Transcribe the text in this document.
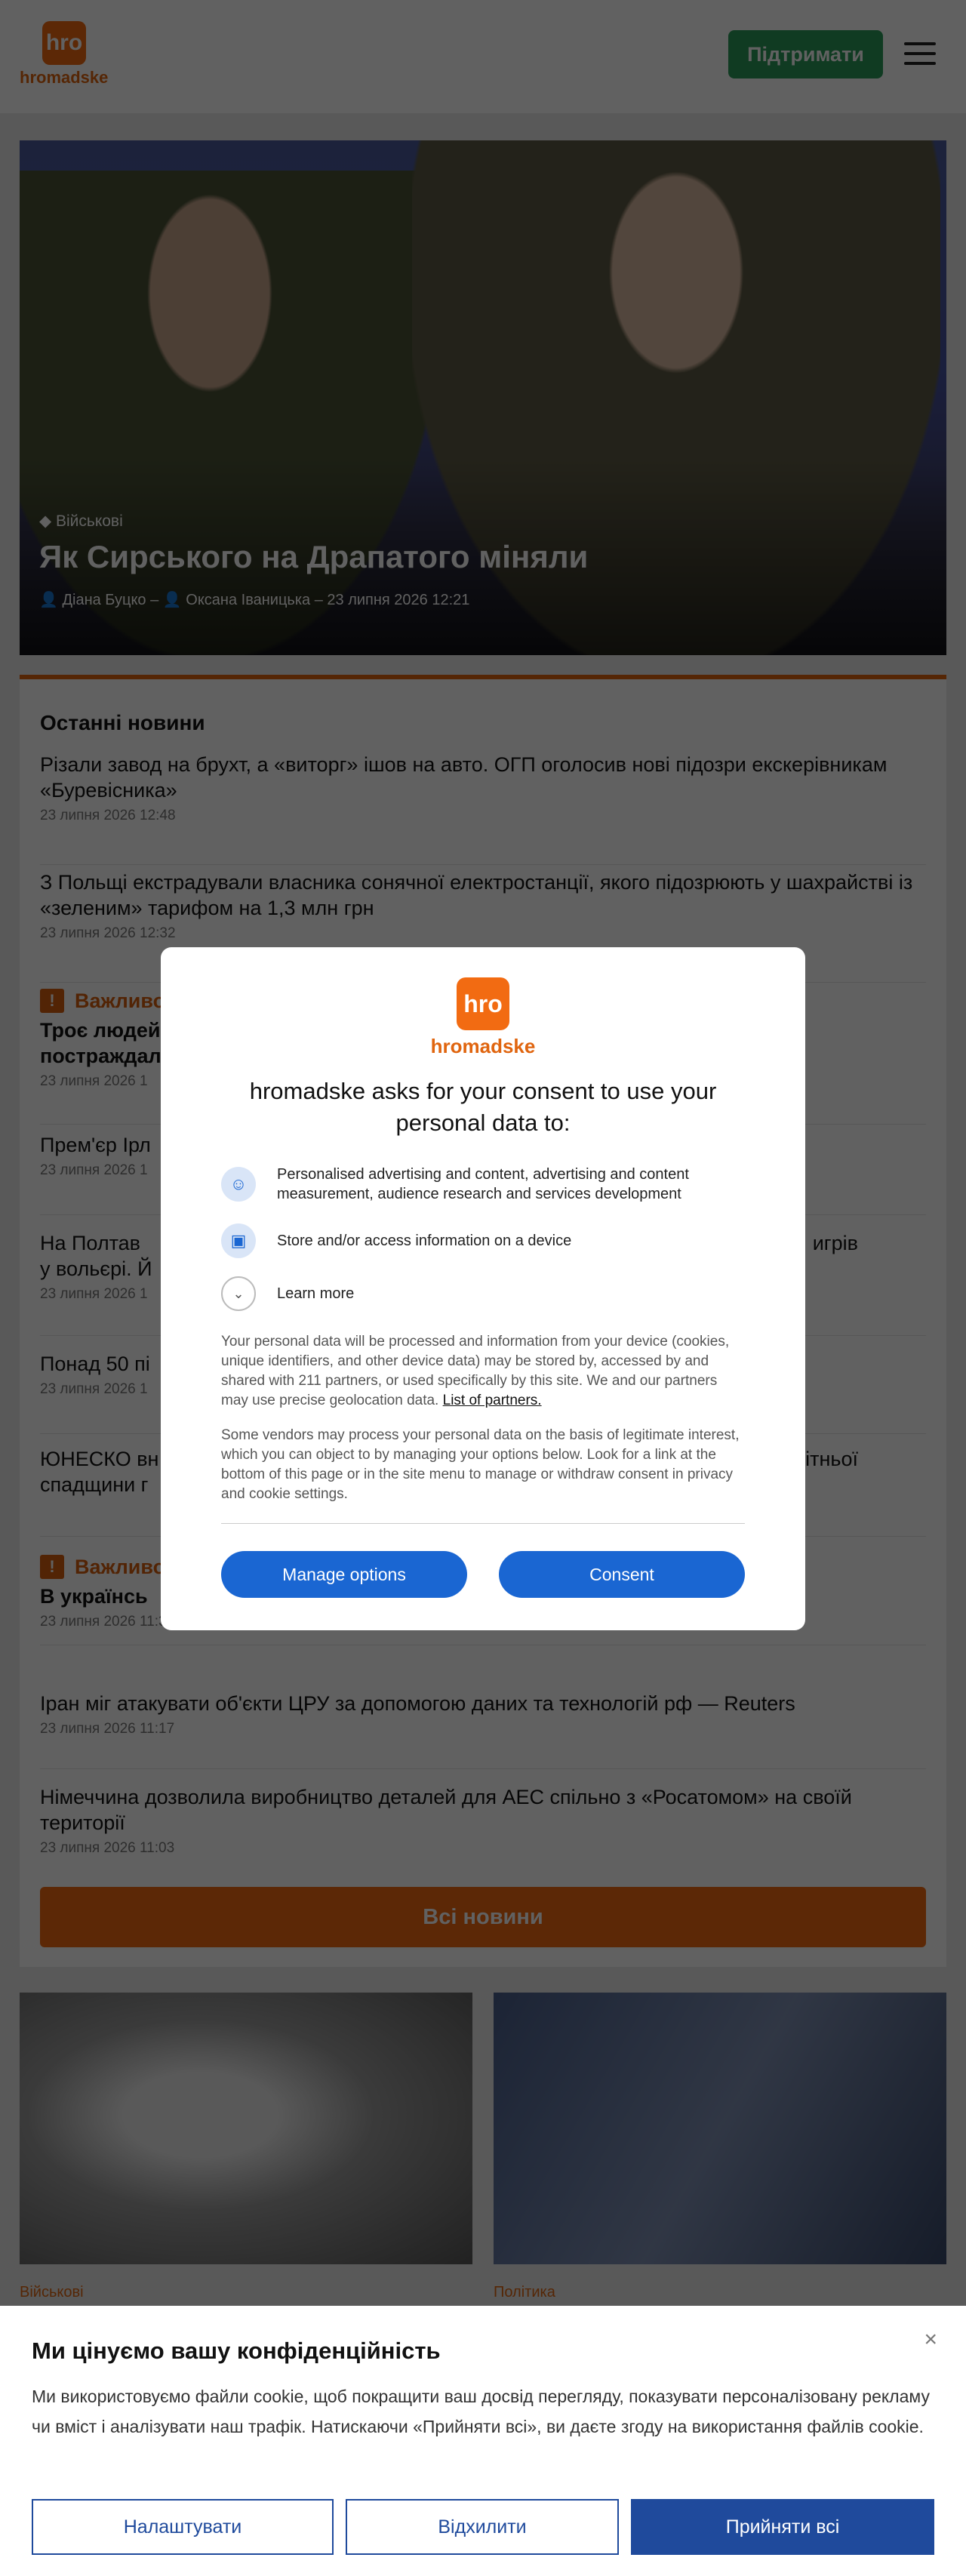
hro
hromadske
hromadske asks for your consent to use your personal data to:
☺	Personalised advertising and content, advertising and content measurement, audience research and services development
▣	Store and/or access information on a device
⌄	Learn more
Your personal data will be processed and information from your device (cookies, unique identifiers, and other device data) may be stored by, accessed by and shared with 211 partners, or used specifically by this site. We and our partners may use precise geolocation data. List of partners.
Some vendors may process your personal data on the basis of legitimate interest, which you can object to by managing your options below. Look for a link at the bottom of this page or in the site menu to manage or withdraw consent in privacy and cookie settings.
Manage options	Consent
×
Ми цінуємо вашу конфіденційність
Ми використовуємо файли cookie, щоб покращити ваш досвід перегляду, показувати персоналізовану рекламу чи вміст і аналізувати наш трафік. Натискаючи «Прийняти всі», ви даєте згоду на використання файлів cookie.
Налаштувати	Відхилити	Прийняти всі
